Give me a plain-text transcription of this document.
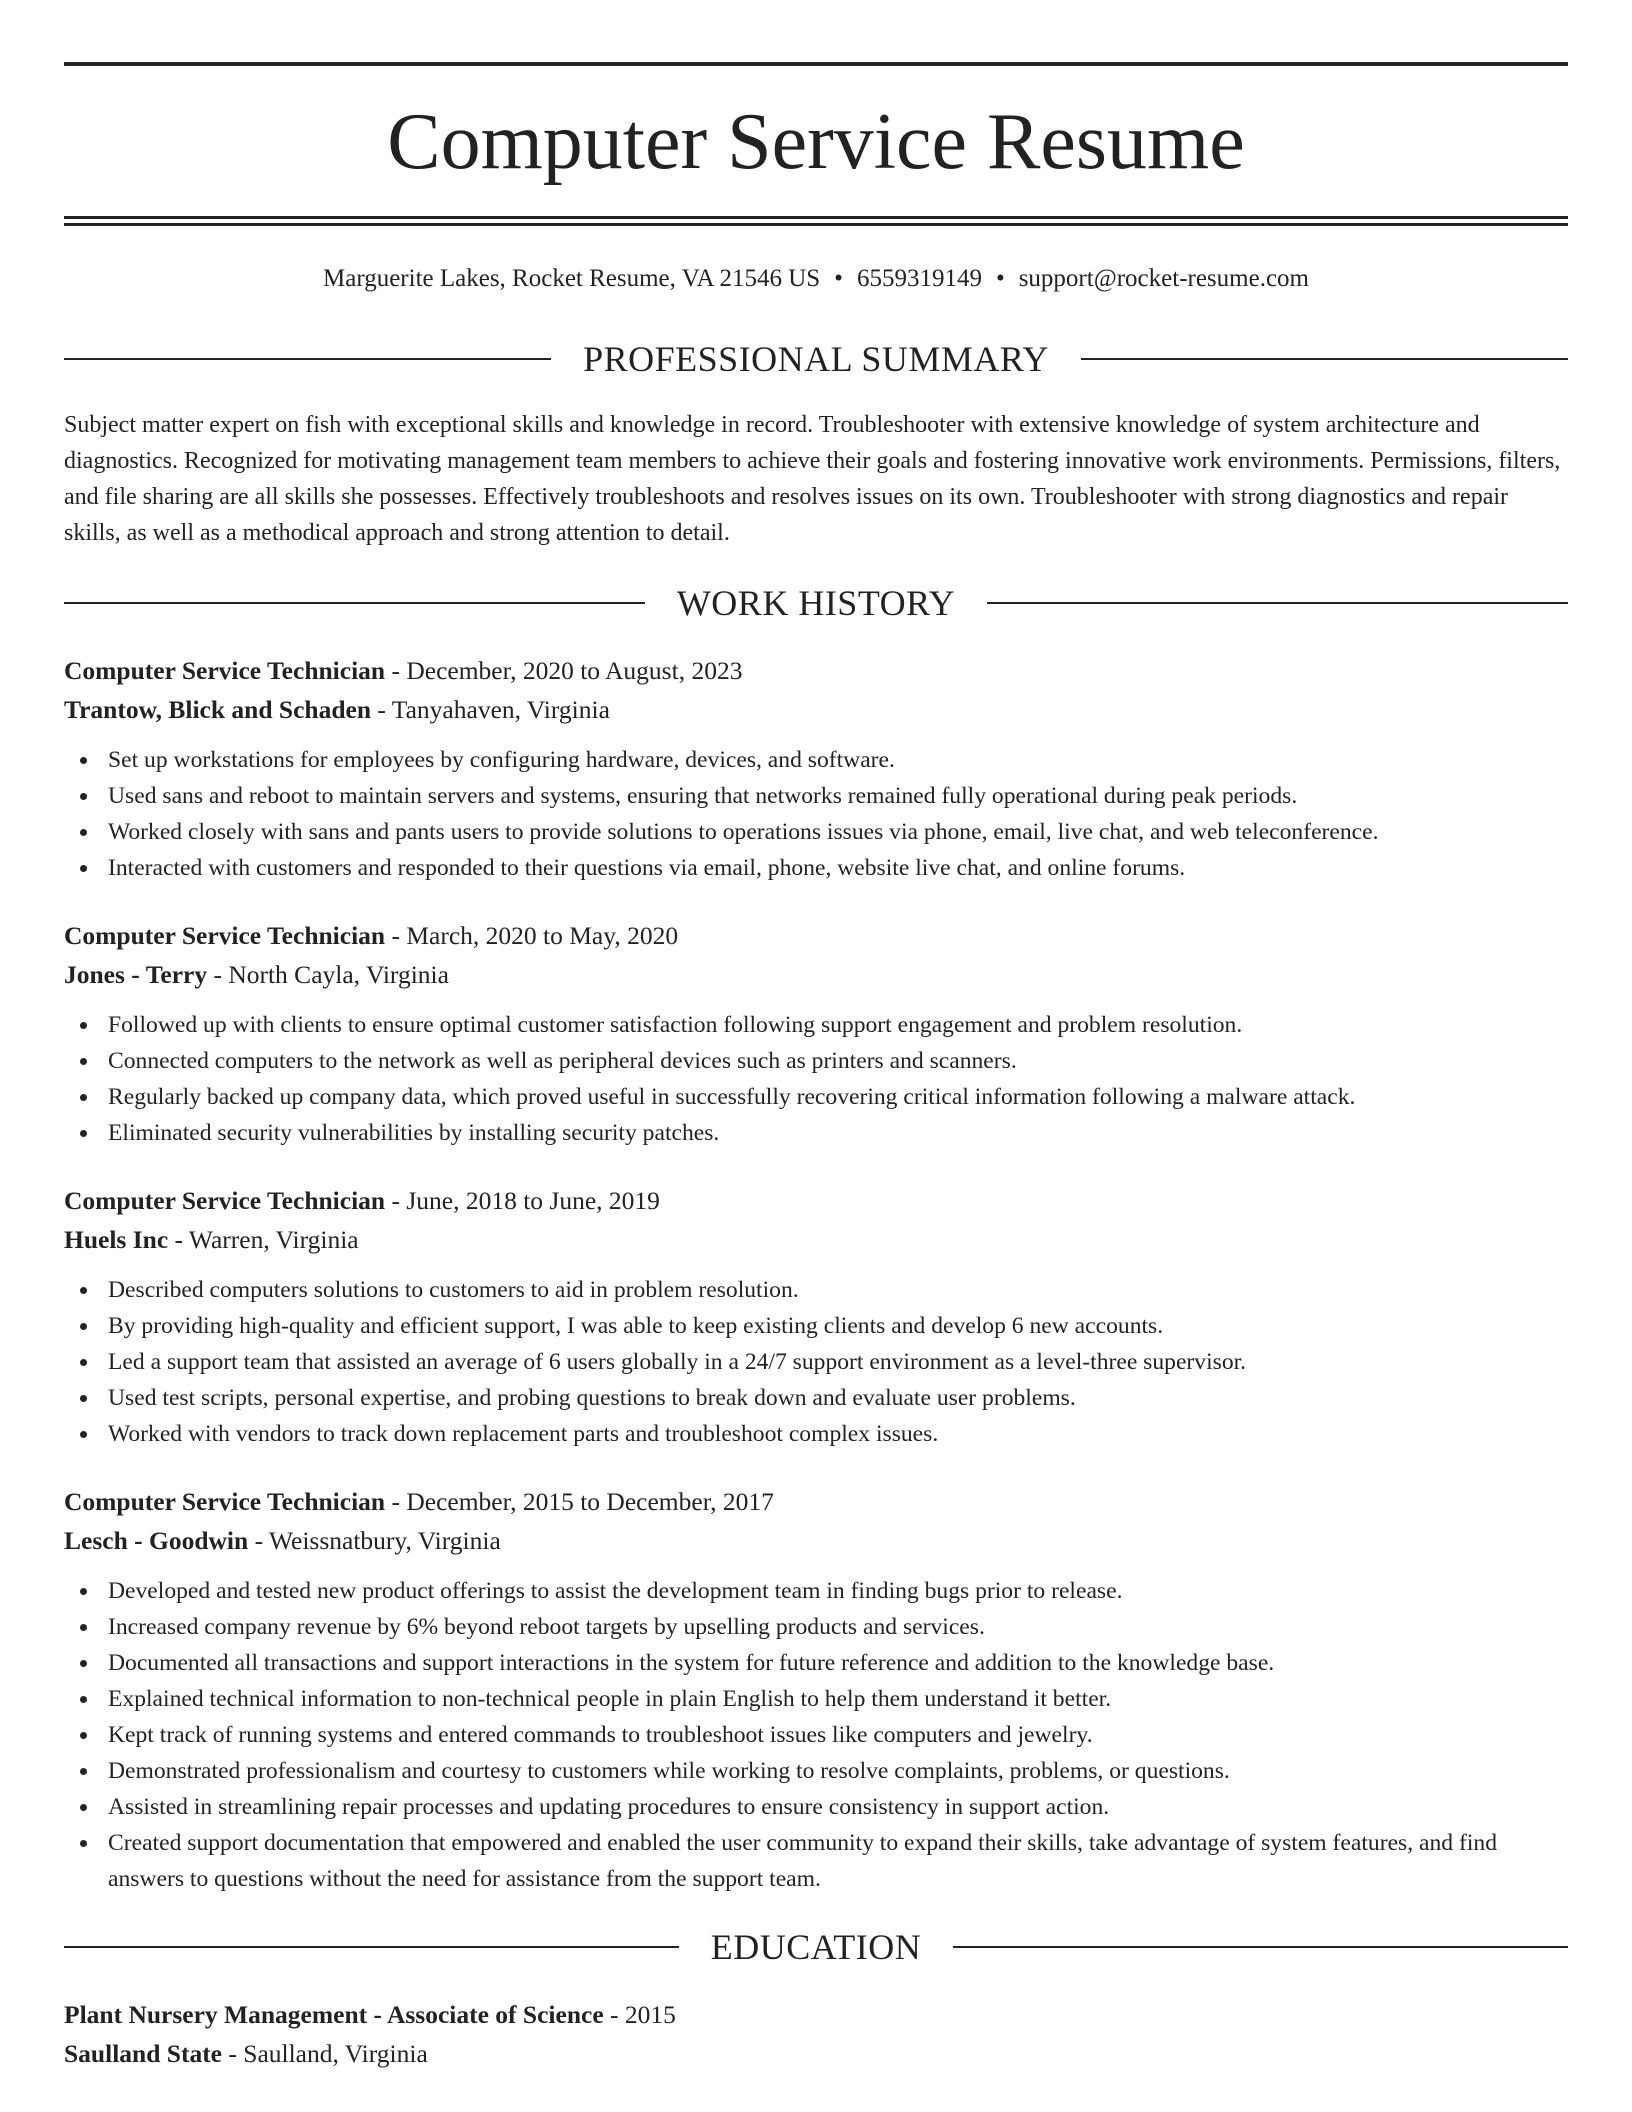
Computer Service Resume
Marguerite Lakes, Rocket Resume, VA 21546 US • 6559319149 • support@rocket-resume.com
PROFESSIONAL SUMMARY

Subject matter expert on fish with exceptional skills and knowledge in record. Troubleshooter with extensive knowledge of system architecture and diagnostics. Recognized for motivating management team members to achieve their goals and fostering innovative work environments. Permissions, filters, and file sharing are all skills she possesses. Effectively troubleshoots and resolves issues on its own. Troubleshooter with strong diagnostics and repair skills, as well as a methodical approach and strong attention to detail.

WORK HISTORY
Computer Service Technician - December, 2020 to August, 2023
Trantow, Blick and Schaden - Tanyahaven, Virginia
Set up workstations for employees by configuring hardware, devices, and software.
Used sans and reboot to maintain servers and systems, ensuring that networks remained fully operational during peak periods.
Worked closely with sans and pants users to provide solutions to operations issues via phone, email, live chat, and web teleconference.
Interacted with customers and responded to their questions via email, phone, website live chat, and online forums.
Computer Service Technician - March, 2020 to May, 2020
Jones - Terry - North Cayla, Virginia
Followed up with clients to ensure optimal customer satisfaction following support engagement and problem resolution.
Connected computers to the network as well as peripheral devices such as printers and scanners.
Regularly backed up company data, which proved useful in successfully recovering critical information following a malware attack.
Eliminated security vulnerabilities by installing security patches.
Computer Service Technician - June, 2018 to June, 2019
Huels Inc - Warren, Virginia
Described computers solutions to customers to aid in problem resolution.
By providing high-quality and efficient support, I was able to keep existing clients and develop 6 new accounts.
Led a support team that assisted an average of 6 users globally in a 24/7 support environment as a level-three supervisor.
Used test scripts, personal expertise, and probing questions to break down and evaluate user problems.
Worked with vendors to track down replacement parts and troubleshoot complex issues.
Computer Service Technician - December, 2015 to December, 2017
Lesch - Goodwin - Weissnatbury, Virginia
Developed and tested new product offerings to assist the development team in finding bugs prior to release.
Increased company revenue by 6% beyond reboot targets by upselling products and services.
Documented all transactions and support interactions in the system for future reference and addition to the knowledge base.
Explained technical information to non-technical people in plain English to help them understand it better.
Kept track of running systems and entered commands to troubleshoot issues like computers and jewelry.
Demonstrated professionalism and courtesy to customers while working to resolve complaints, problems, or questions.
Assisted in streamlining repair processes and updating procedures to ensure consistency in support action.
Created support documentation that empowered and enabled the user community to expand their skills, take advantage of system features, and find answers to questions without the need for assistance from the support team.
EDUCATION
Plant Nursery Management - Associate of Science - 2015
Saulland State - Saulland, Virginia
